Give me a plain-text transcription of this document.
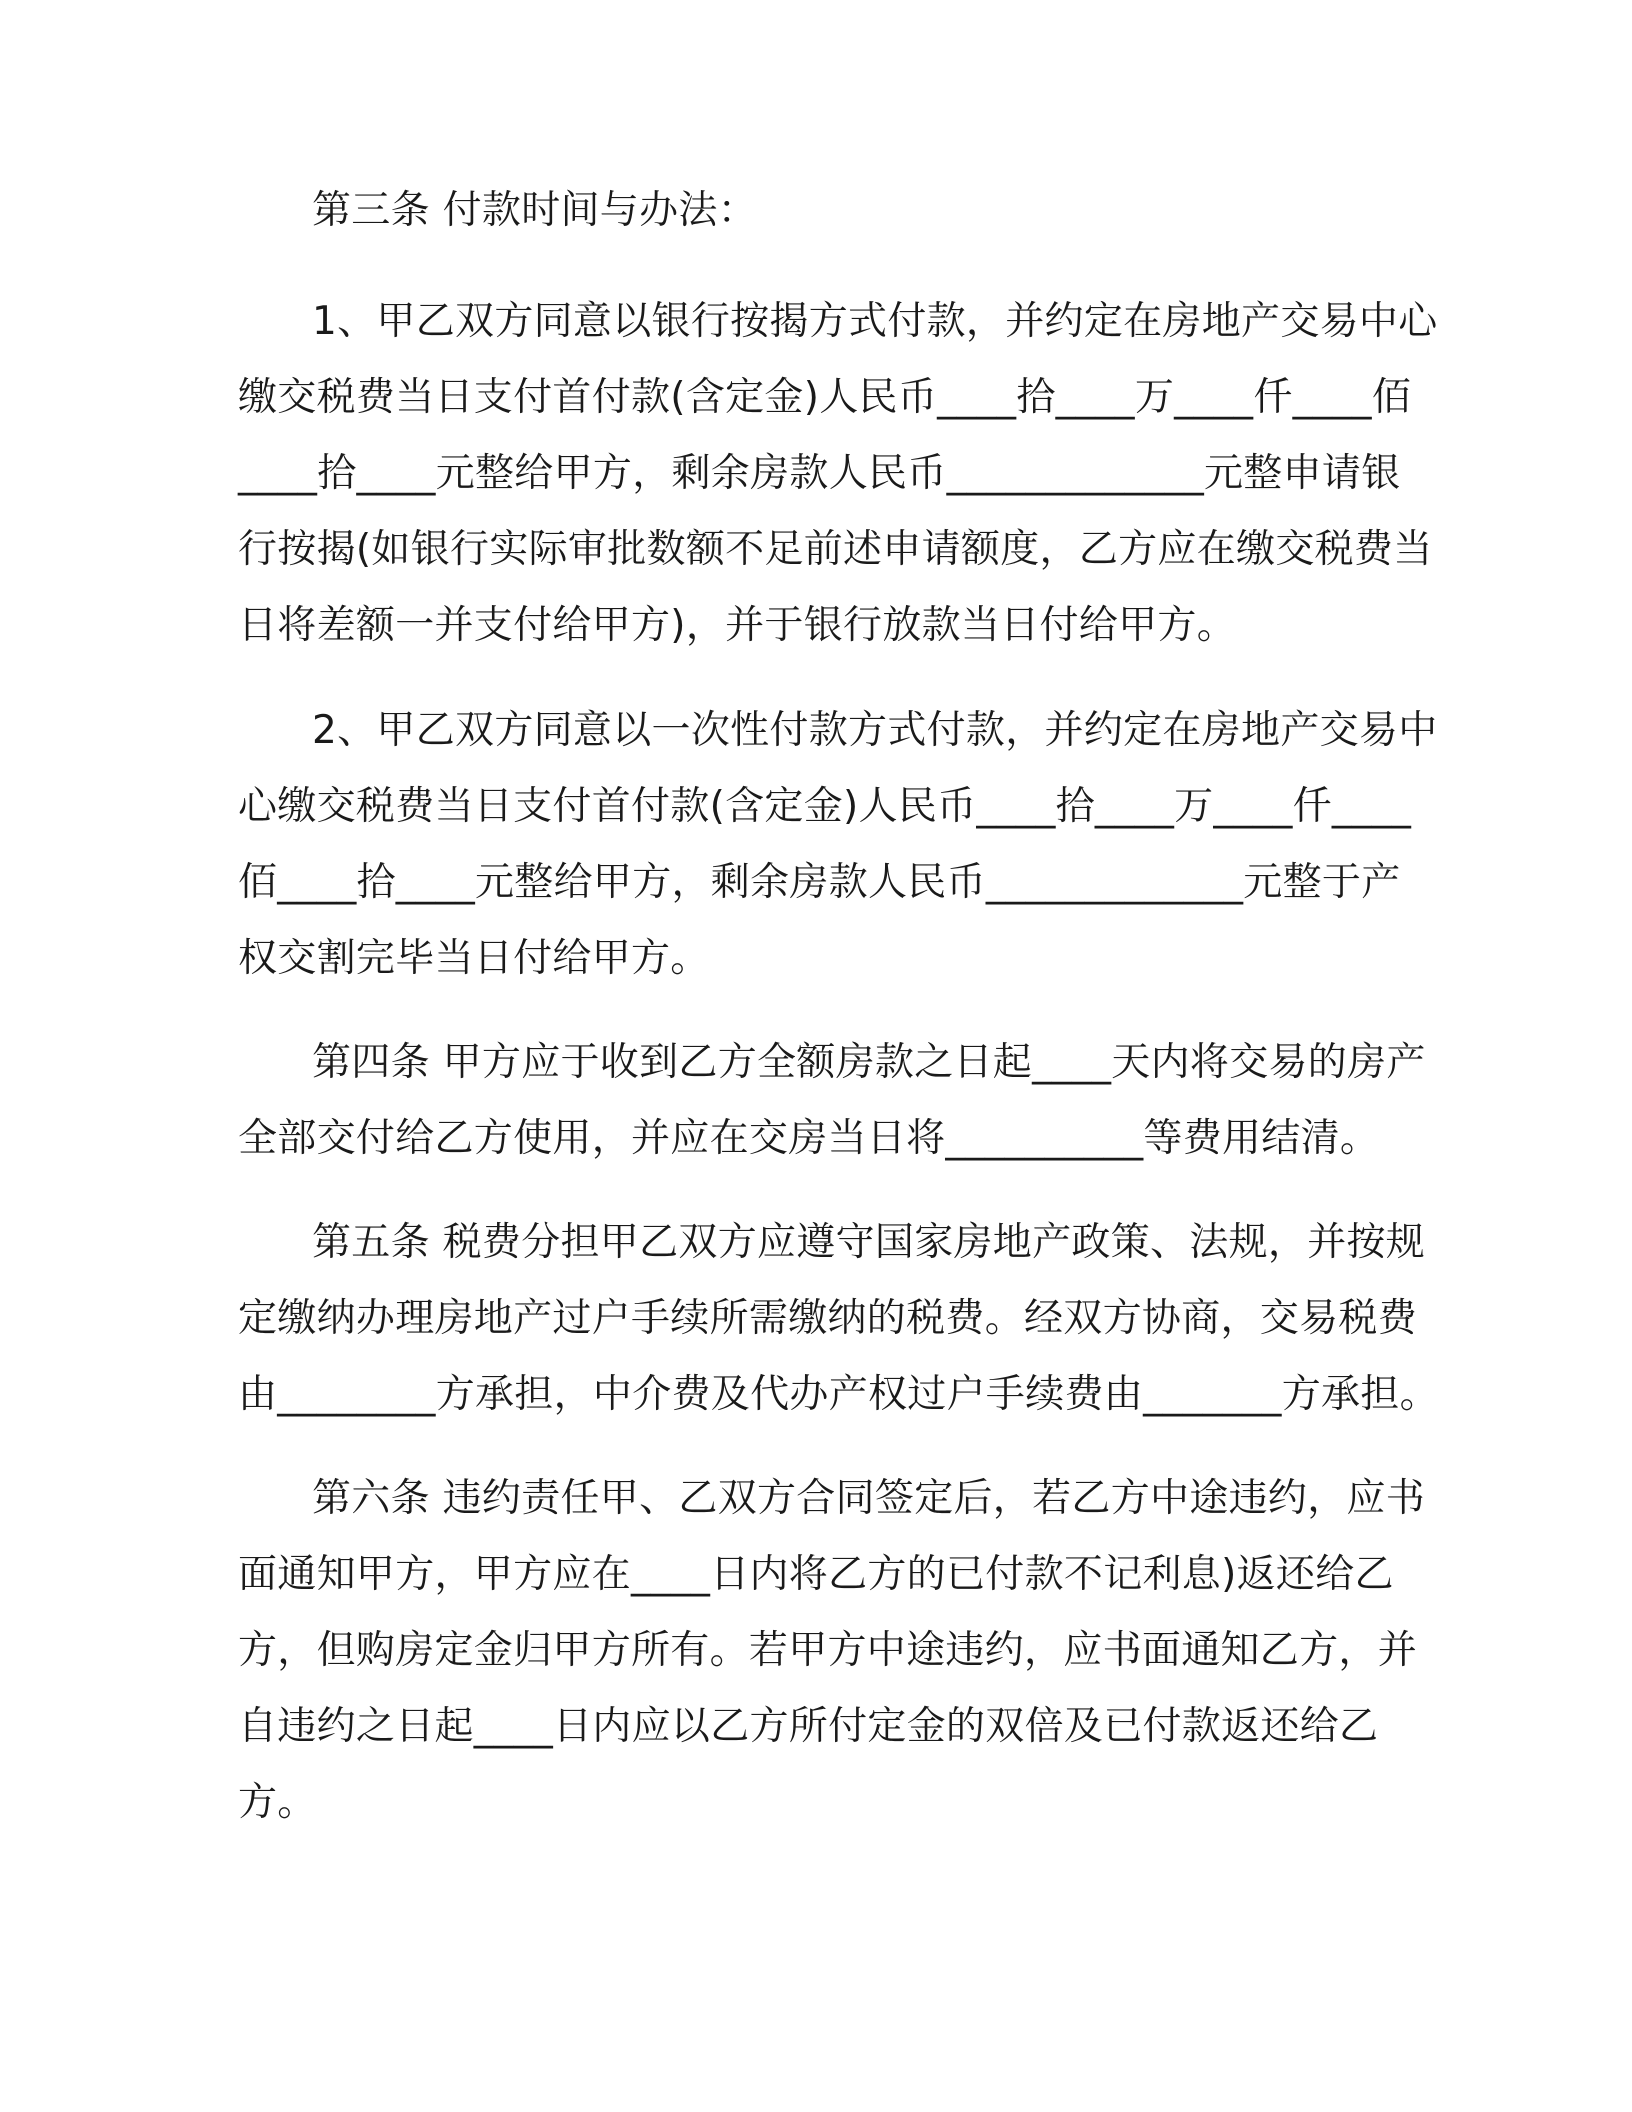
第三条 付款时间与办法：
1、甲乙双方同意以银行按揭方式付款，并约定在房地产交易中心
缴交税费当日支付首付款(含定金)人民币____拾____万____仟____佰
____拾____元整给甲方，剩余房款人民币_____________元整申请银
行按揭(如银行实际审批数额不足前述申请额度，乙方应在缴交税费当
日将差额一并支付给甲方)，并于银行放款当日付给甲方。
2、甲乙双方同意以一次性付款方式付款，并约定在房地产交易中
心缴交税费当日支付首付款(含定金)人民币____拾____万____仟____
佰____拾____元整给甲方，剩余房款人民币_____________元整于产
权交割完毕当日付给甲方。
第四条 甲方应于收到乙方全额房款之日起____天内将交易的房产
全部交付给乙方使用，并应在交房当日将__________等费用结清。
第五条 税费分担甲乙双方应遵守国家房地产政策、法规，并按规
定缴纳办理房地产过户手续所需缴纳的税费。经双方协商，交易税费
由________方承担，中介费及代办产权过户手续费由_______方承担。
第六条 违约责任甲、乙双方合同签定后，若乙方中途违约，应书
面通知甲方，甲方应在____日内将乙方的已付款不记利息)返还给乙
方，但购房定金归甲方所有。若甲方中途违约，应书面通知乙方，并
自违约之日起____日内应以乙方所付定金的双倍及已付款返还给乙
方。
